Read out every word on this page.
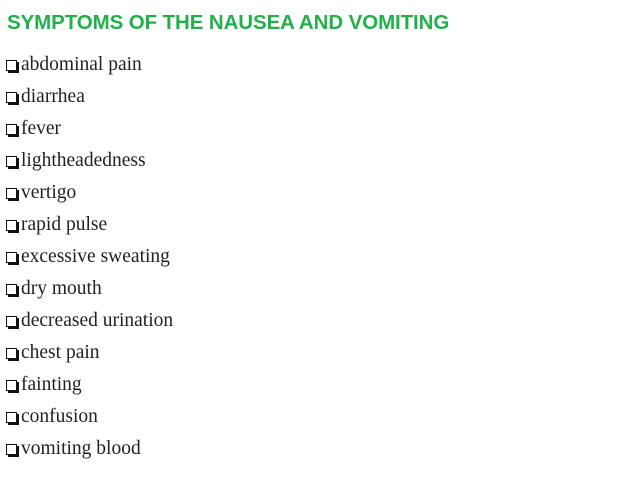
SYMPTOMS OF THE NAUSEA AND VOMITING
abdominal pain
diarrhea
fever
lightheadedness
vertigo
rapid pulse
excessive sweating
dry mouth
decreased urination
chest pain
fainting
confusion
vomiting blood
